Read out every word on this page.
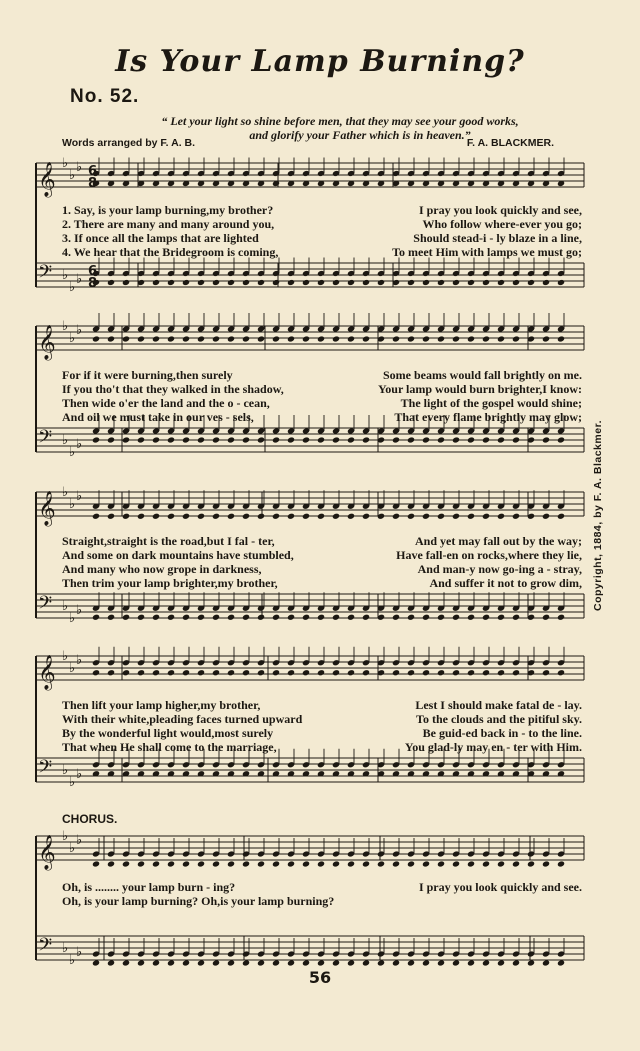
Is Your Lamp Burning?
No. 52.
“ Let your light so shine before men, that they may see your good works,
and glorify your Father which is in heaven.”
Words arranged by F. A. B.	F. A. BLACKMER.
𝄞 ♭
♭
♭
𝄢 ♭
♭
♭
𝄞 ♭
♭
♭
𝄢 ♭
♭
♭
𝄞 ♭
♭
♭
𝄢 ♭
♭
♭
𝄞 ♭
♭
♭
𝄢 ♭
♭
♭
𝄞 ♭
♭
♭
𝄢 ♭
♭
♭
6
6
8
8
1. Say, is your lamp burning,my brother?	I pray you look quickly and see,
2. There are many and many around you,	Who follow where-ever you go;
3. If once all the lamps that are lighted	Should stead-i - ly blaze in a line,
4. We hear that the Bridegroom is coming,	To meet Him with lamps we must go;
For if it were burning,then surely	Some beams would fall brightly on me.
If you tho't that they walked in the shadow,	Your lamp would burn brighter,I know:
Then wide o'er the land and the o - cean,	The light of the gospel would shine;
And oil we must take in our ves - sels,	That every flame brightly may glow;
Straight,straight is the road,but I fal - ter,	And yet may fall out by the way;
And some on dark mountains have stumbled,	Have fall-en on rocks,where they lie,
And many who now grope in darkness,	And man-y now go-ing a - stray,
Then trim your lamp brighter,my brother,	And suffer it not to grow dim,
Then lift your lamp higher,my brother,	Lest I should make fatal de - lay.
With their white,pleading faces turned upward	To the clouds and the pitiful sky.
By the wonderful light would,most surely	Be guid-ed back in - to the line.
That when He shall come to the marriage,	You glad-ly may en - ter with Him.
CHORUS.
Oh, is ........ your lamp burn - ing?	I pray you look quickly and see.
Oh, is your lamp burning? Oh,is your lamp burning?
Copyright, 1884, by F. A. Blackmer.
56
